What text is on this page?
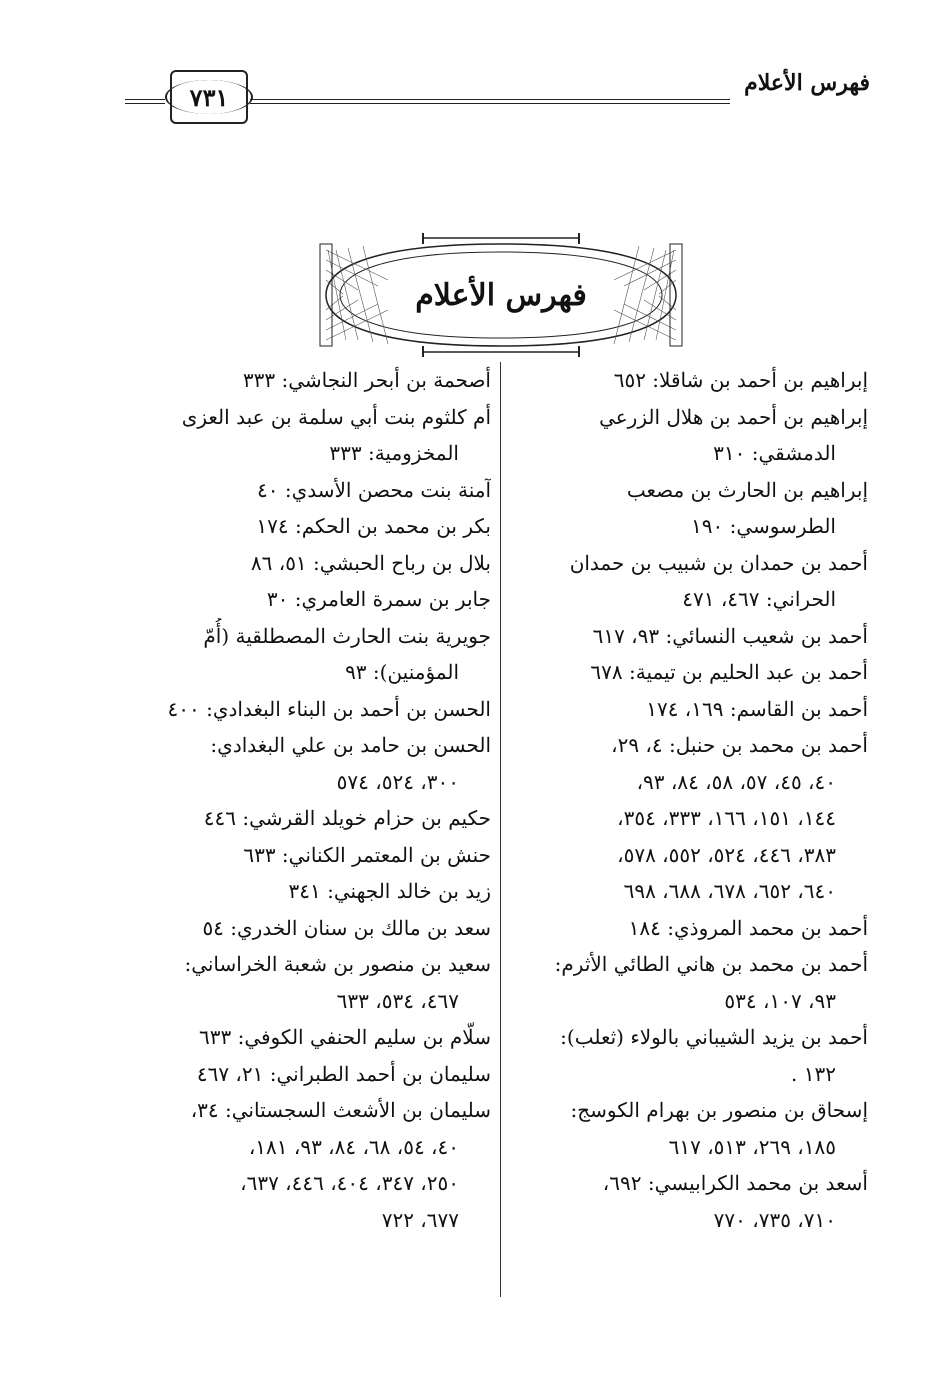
فهرس الأعلام
٧٣١
فهرس الأعلام
إبراهيم بن أحمد بن شاقلا: ٦٥٢
إبراهيم بن أحمد بن هلال الزرعي
الدمشقي: ٣١٠
إبراهيم بن الحارث بن مصعب
الطرسوسي: ١٩٠
أحمد بن حمدان بن شبيب بن حمدان
الحراني: ٤٦٧، ٤٧١
أحمد بن شعيب النسائي: ٩٣، ٦١٧
أحمد بن عبد الحليم بن تيمية: ٦٧٨
أحمد بن القاسم: ١٦٩، ١٧٤
أحمد بن محمد بن حنبل: ٤، ٢٩،
٤٠، ٤٥، ٥٧، ٥٨، ٨٤، ٩٣،
١٤٤، ١٥١، ١٦٦، ٣٣٣، ٣٥٤،
٣٨٣، ٤٤٦، ٥٢٤، ٥٥٢، ٥٧٨،
٦٤٠، ٦٥٢، ٦٧٨، ٦٨٨، ٦٩٨
أحمد بن محمد المروذي: ١٨٤
أحمد بن محمد بن هاني الطائي الأثرم:
٩٣، ١٠٧، ٥٣٤
أحمد بن يزيد الشيباني بالولاء (ثعلب):
١٣٢ .
إسحاق بن منصور بن بهرام الكوسج:
١٨٥، ٢٦٩، ٥١٣، ٦١٧
أسعد بن محمد الكرابيسي: ٦٩٢،
٧١٠، ٧٣٥، ٧٧٠
أصحمة بن أبحر النجاشي: ٣٣٣
أم كلثوم بنت أبي سلمة بن عبد العزى
المخزومية: ٣٣٣
آمنة بنت محصن الأسدي: ٤٠
بكر بن محمد بن الحكم: ١٧٤
بلال بن رباح الحبشي: ٥١، ٨٦
جابر بن سمرة العامري: ٣٠
جويرية بنت الحارث المصطلقية (أُمّ
المؤمنين): ٩٣
الحسن بن أحمد بن البناء البغدادي: ٤٠٠
الحسن بن حامد بن علي البغدادي:
٣٠٠، ٥٢٤، ٥٧٤
حكيم بن حزام خويلد القرشي: ٤٤٦
حنش بن المعتمر الكناني: ٦٣٣
زيد بن خالد الجهني: ٣٤١
سعد بن مالك بن سنان الخدري: ٥٤
سعيد بن منصور بن شعبة الخراساني:
٤٦٧، ٥٣٤، ٦٣٣
سلّام بن سليم الحنفي الكوفي: ٦٣٣
سليمان بن أحمد الطبراني: ٢١، ٤٦٧
سليمان بن الأشعث السجستاني: ٣٤،
٤٠، ٥٤، ٦٨، ٨٤، ٩٣، ١٨١،
٢٥٠، ٣٤٧، ٤٠٤، ٤٤٦، ٦٣٧،
٦٧٧، ٧٢٢
